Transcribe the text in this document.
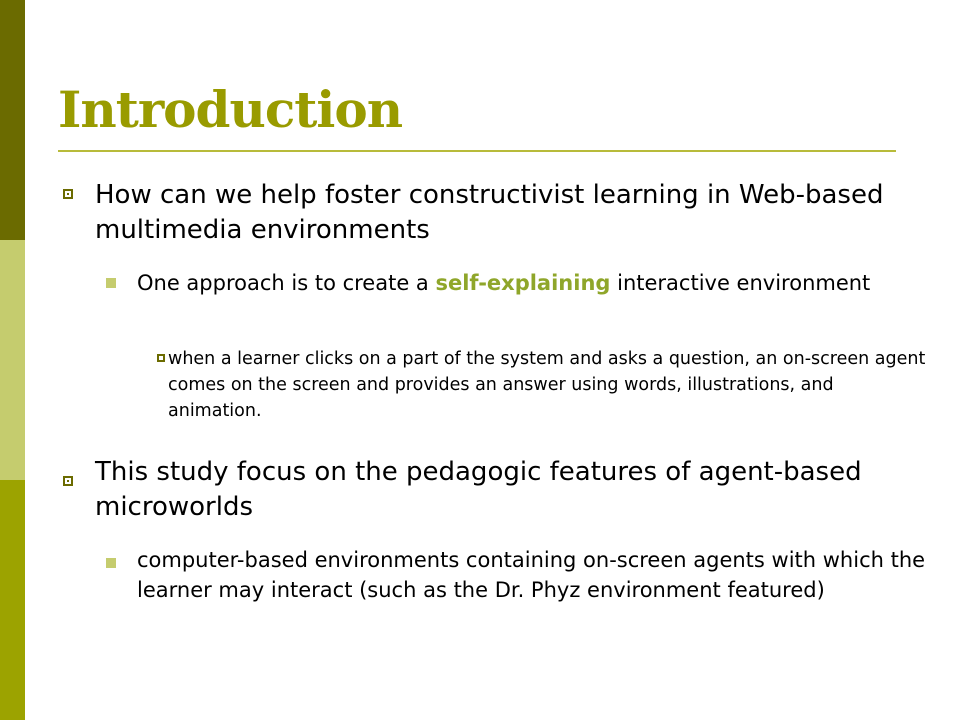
Introduction
How can we help foster constructivist learning in Web-based multimedia environments
One approach is to create a self-explaining interactive environment
when a learner clicks on a part of the system and asks a question, an on-screen agent comes on the screen and provides an answer using words, illustrations, and animation.
This study focus on the pedagogic features of agent-based microworlds
computer-based environments containing on-screen agents with which the learner may interact (such as the Dr. Phyz environment featured)
